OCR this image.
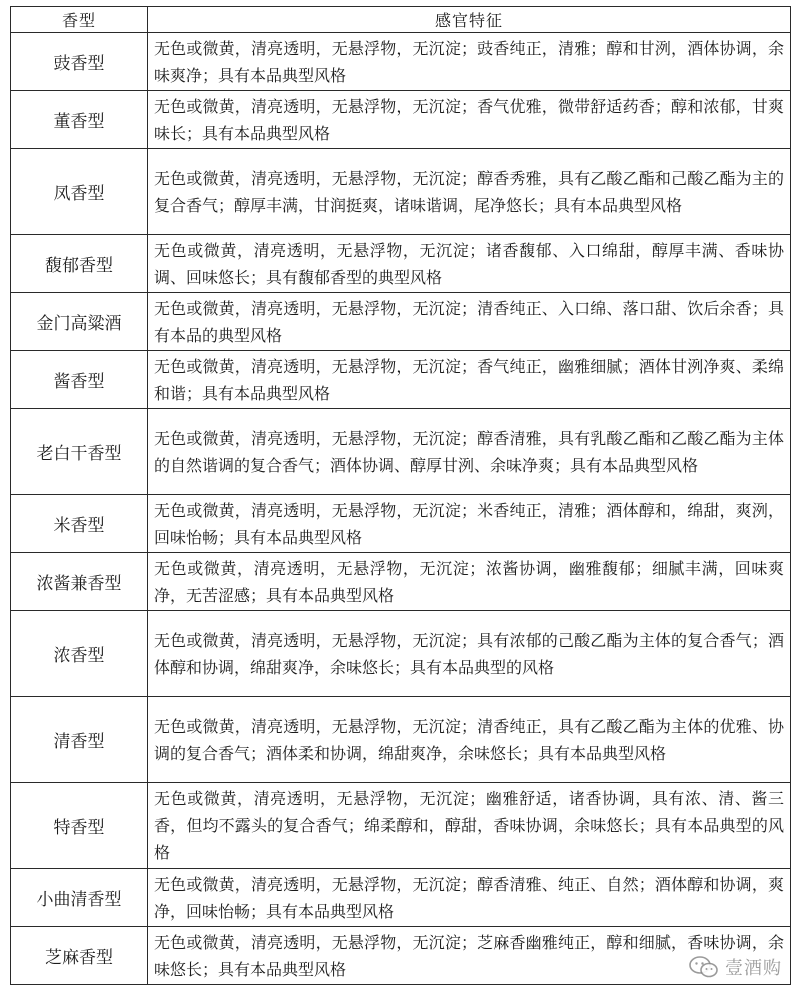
香型	感官特征
豉香型	无色或微黄，清亮透明，无悬浮物，无沉淀；豉香纯正，清雅；醇和甘洌，酒体协调，余味爽净；具有本品典型风格
董香型	无色或微黄，清亮透明，无悬浮物，无沉淀；香气优雅，微带舒适药香；醇和浓郁，甘爽味长；具有本品典型风格
凤香型	无色或微黄，清亮透明，无悬浮物，无沉淀；醇香秀雅，具有乙酸乙酯和己酸乙酯为主的复合香气；醇厚丰满，甘润挺爽，诸味谐调，尾净悠长；具有本品典型风格
馥郁香型	无色或微黄，清亮透明，无悬浮物，无沉淀；诸香馥郁、入口绵甜，醇厚丰满、香味协调、回味悠长；具有馥郁香型的典型风格
金门高粱酒	无色或微黄，清亮透明，无悬浮物，无沉淀；清香纯正、入口绵、落口甜、饮后余香；具有本品的典型风格
酱香型	无色或微黄，清亮透明，无悬浮物，无沉淀；香气纯正，幽雅细腻；酒体甘洌净爽、柔绵和谐；具有本品典型风格
老白干香型	无色或微黄，清亮透明，无悬浮物，无沉淀；醇香清雅，具有乳酸乙酯和乙酸乙酯为主体的自然谐调的复合香气；酒体协调、醇厚甘洌、余味净爽；具有本品典型风格
米香型	无色或微黄，清亮透明，无悬浮物，无沉淀；米香纯正，清雅；酒体醇和，绵甜，爽洌，回味怡畅；具有本品典型风格
浓酱兼香型	无色或微黄，清亮透明，无悬浮物，无沉淀；浓酱协调，幽雅馥郁；细腻丰满，回味爽净，无苦涩感；具有本品典型风格
浓香型	无色或微黄，清亮透明，无悬浮物，无沉淀；具有浓郁的己酸乙酯为主体的复合香气；酒体醇和协调，绵甜爽净，余味悠长；具有本品典型的风格
清香型	无色或微黄，清亮透明，无悬浮物，无沉淀；清香纯正，具有乙酸乙酯为主体的优雅、协调的复合香气；酒体柔和协调，绵甜爽净，余味悠长；具有本品典型风格
特香型	无色或微黄，清亮透明，无悬浮物，无沉淀；幽雅舒适，诸香协调，具有浓、清、酱三香，但均不露头的复合香气；绵柔醇和，醇甜，香味协调，余味悠长；具有本品典型的风格
小曲清香型	无色或微黄，清亮透明，无悬浮物，无沉淀；醇香清雅、纯正、自然；酒体醇和协调，爽净，回味怡畅；具有本品典型风格
芝麻香型	无色或微黄，清亮透明，无悬浮物，无沉淀；芝麻香幽雅纯正，醇和细腻，香味协调，余味悠长；具有本品典型风格	壹酒购
